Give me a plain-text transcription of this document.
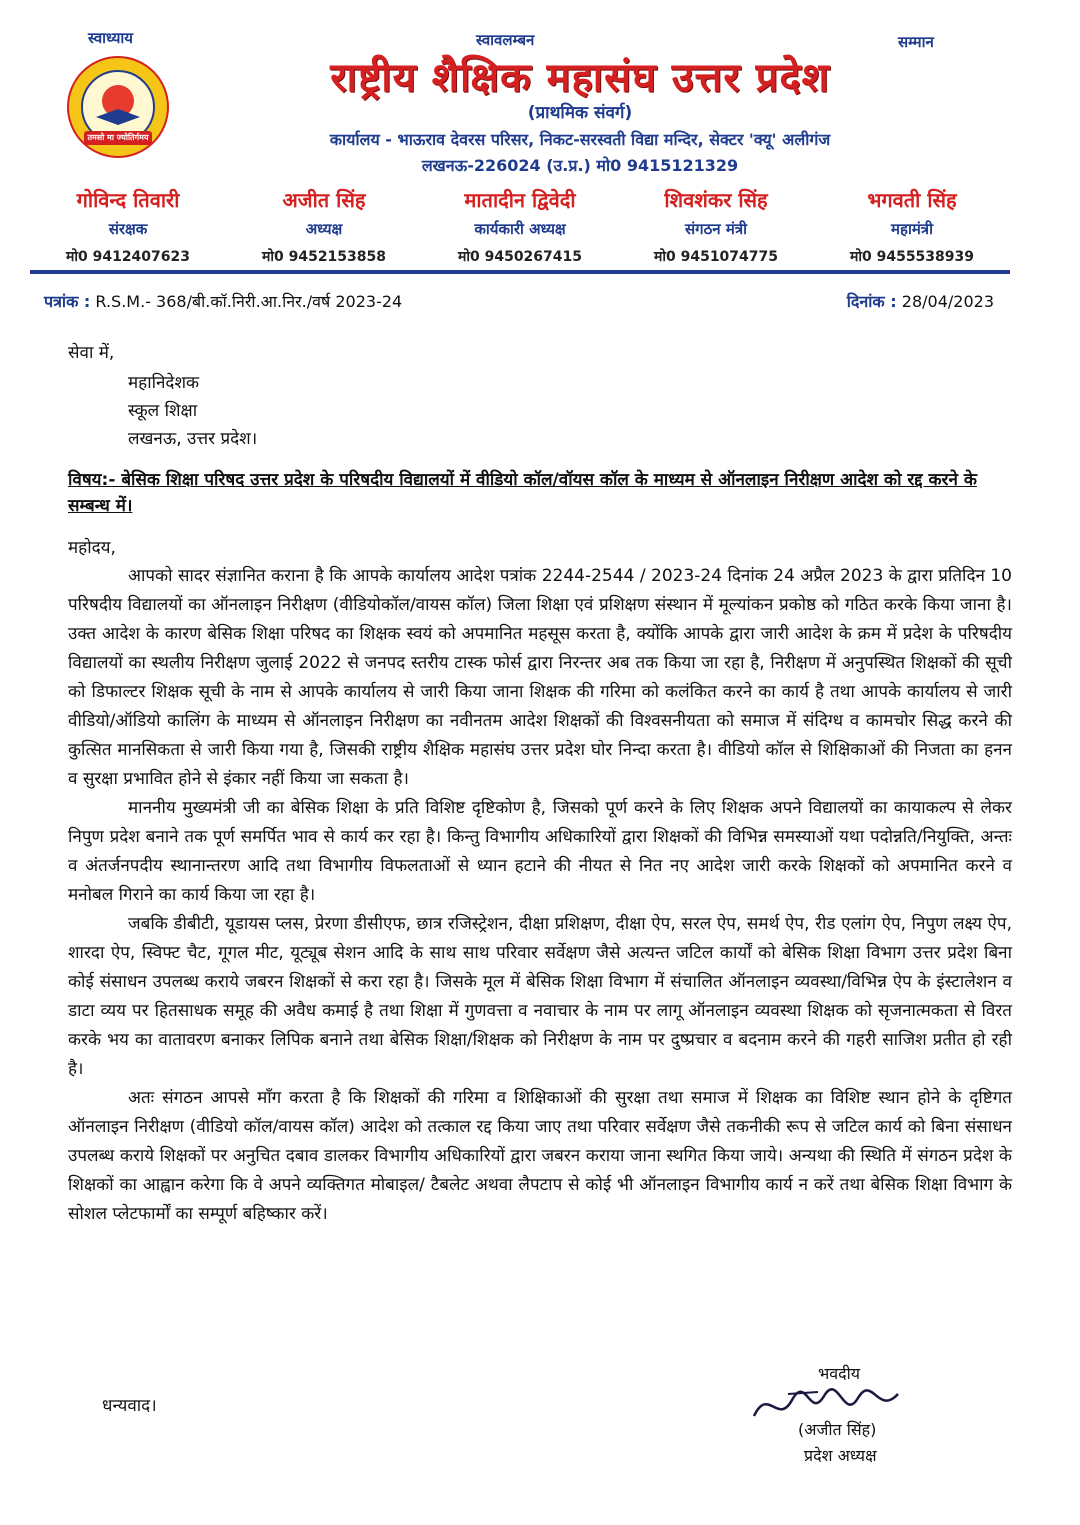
स्वाध्याय	स्वावलम्बन	सम्मान
तमसो मा ज्योतिर्गमय
राष्ट्रीय शैक्षिक महासंघ उत्तर प्रदेश
(प्राथमिक संवर्ग)
कार्यालय - भाऊराव देवरस परिसर, निकट-सरस्वती विद्या मन्दिर, सेक्टर 'क्यू' अलीगंज
लखनऊ-226024 (उ.प्र.) मो0 9415121329
गोविन्द तिवारी
संरक्षक
मो0 9412407623
अजीत सिंह
अध्यक्ष
मो0 9452153858
मातादीन द्विवेदी
कार्यकारी अध्यक्ष
मो0 9450267415
शिवशंकर सिंह
संगठन मंत्री
मो0 9451074775
भगवती सिंह
महामंत्री
मो0 9455538939
पत्रांक : R.S.M.- 368/बी.कॉ.निरी.आ.निर./वर्ष 2023-24	दिनांक : 28/04/2023
सेवा में,
महानिदेशक
स्कूल शिक्षा
लखनऊ, उत्तर प्रदेश।
विषय:- बेसिक शिक्षा परिषद उत्तर प्रदेश के परिषदीय विद्यालयों में वीडियो कॉल/वॉयस कॉल के माध्यम से ऑनलाइन निरीक्षण आदेश को रद्द करने के सम्बन्ध में।
महोदय,

आपको सादर संज्ञानित कराना है कि आपके कार्यालय आदेश पत्रांक 2244-2544 / 2023-24 दिनांक 24 अप्रैल 2023 के द्वारा प्रतिदिन 10 परिषदीय विद्यालयों का ऑनलाइन निरीक्षण (वीडियोकॉल/वायस कॉल) जिला शिक्षा एवं प्रशिक्षण संस्थान में मूल्यांकन प्रकोष्ठ को गठित करके किया जाना है। उक्त आदेश के कारण बेसिक शिक्षा परिषद का शिक्षक स्वयं को अपमानित महसूस करता है, क्योंकि आपके द्वारा जारी आदेश के क्रम में प्रदेश के परिषदीय विद्यालयों का स्थलीय निरीक्षण जुलाई 2022 से जनपद स्तरीय टास्क फोर्स द्वारा निरन्तर अब तक किया जा रहा है, निरीक्षण में अनुपस्थित शिक्षकों की सूची को डिफाल्टर शिक्षक सूची के नाम से आपके कार्यालय से जारी किया जाना शिक्षक की गरिमा को कलंकित करने का कार्य है तथा आपके कार्यालय से जारी वीडियो/ऑडियो कालिंग के माध्यम से ऑनलाइन निरीक्षण का नवीनतम आदेश शिक्षकों की विश्वसनीयता को समाज में संदिग्ध व कामचोर सिद्ध करने की कुत्सित मानसिकता से जारी किया गया है, जिसकी राष्ट्रीय शैक्षिक महासंघ उत्तर प्रदेश घोर निन्दा करता है। वीडियो कॉल से शिक्षिकाओं की निजता का हनन व सुरक्षा प्रभावित होने से इंकार नहीं किया जा सकता है।

माननीय मुख्यमंत्री जी का बेसिक शिक्षा के प्रति विशिष्ट दृष्टिकोण है, जिसको पूर्ण करने के लिए शिक्षक अपने विद्यालयों का कायाकल्प से लेकर निपुण प्रदेश बनाने तक पूर्ण समर्पित भाव से कार्य कर रहा है। किन्तु विभागीय अधिकारियों द्वारा शिक्षकों की विभिन्न समस्याओं यथा पदोन्नति/नियुक्ति, अन्तः व अंतर्जनपदीय स्थानान्तरण आदि तथा विभागीय विफलताओं से ध्यान हटाने की नीयत से नित नए आदेश जारी करके शिक्षकों को अपमानित करने व मनोबल गिराने का कार्य किया जा रहा है।

जबकि डीबीटी, यूडायस प्लस, प्रेरणा डीसीएफ, छात्र रजिस्ट्रेशन, दीक्षा प्रशिक्षण, दीक्षा ऐप, सरल ऐप, समर्थ ऐप, रीड एलांग ऐप, निपुण लक्ष्य ऐप, शारदा ऐप, स्विफ्ट चैट, गूगल मीट, यूट्यूब सेशन आदि के साथ साथ परिवार सर्वेक्षण जैसे अत्यन्त जटिल कार्यों को बेसिक शिक्षा विभाग उत्तर प्रदेश बिना कोई संसाधन उपलब्ध कराये जबरन शिक्षकों से करा रहा है। जिसके मूल में बेसिक शिक्षा विभाग में संचालित ऑनलाइन व्यवस्था/विभिन्न ऐप के इंस्टालेशन व डाटा व्यय पर हितसाधक समूह की अवैध कमाई है तथा शिक्षा में गुणवत्ता व नवाचार के नाम पर लागू ऑनलाइन व्यवस्था शिक्षक को सृजनात्मकता से विरत करके भय का वातावरण बनाकर लिपिक बनाने तथा बेसिक शिक्षा/शिक्षक को निरीक्षण के नाम पर दुष्प्रचार व बदनाम करने की गहरी साजिश प्रतीत हो रही है।

अतः संगठन आपसे माँग करता है कि शिक्षकों की गरिमा व शिक्षिकाओं की सुरक्षा तथा समाज में शिक्षक का विशिष्ट स्थान होने के दृष्टिगत ऑनलाइन निरीक्षण (वीडियो कॉल/वायस कॉल) आदेश को तत्काल रद्द किया जाए तथा परिवार सर्वेक्षण जैसे तकनीकी रूप से जटिल कार्य को बिना संसाधन उपलब्ध कराये शिक्षकों पर अनुचित दबाव डालकर विभागीय अधिकारियों द्वारा जबरन कराया जाना स्थगित किया जाये। अन्यथा की स्थिति में संगठन प्रदेश के शिक्षकों का आह्वान करेगा कि वे अपने व्यक्तिगत मोबाइल/ टैबलेट अथवा लैपटाप से कोई भी ऑनलाइन विभागीय कार्य न करें तथा बेसिक शिक्षा विभाग के सोशल प्लेटफार्मों का सम्पूर्ण बहिष्कार करें।

धन्यवाद।
भवदीय
(अजीत सिंह)
प्रदेश अध्यक्ष
